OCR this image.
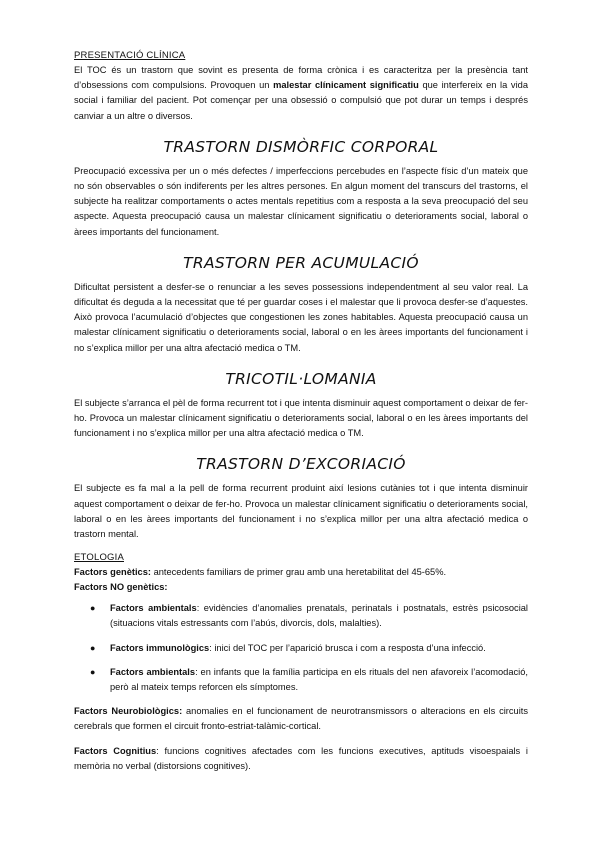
PRESENTACIÓ CLÍNICA

El TOC és un trastorn que sovint es presenta de forma crònica i es caracteritza per la presència tant d’obsessions com compulsions. Provoquen un malestar clínicament significatiu que interfereix en la vida social i familiar del pacient. Pot començar per una obsessió o compulsió que pot durar un temps i després canviar a un altre o diversos.

TRASTORN DISMÒRFIC CORPORAL

Preocupació excessiva per un o més defectes / imperfeccions percebudes en l’aspecte físic d’un mateix que no són observables o són indiferents per les altres persones. En algun moment del transcurs del trastorns, el subjecte ha realitzar comportaments o actes mentals repetitius com a resposta a la seva preocupació del seu aspecte. Aquesta preocupació causa un malestar clínicament significatiu o deterioraments social, laboral o àrees importants del funcionament.

TRASTORN PER ACUMULACIÓ

Dificultat persistent a desfer-se o renunciar a les seves possessions independentment al seu valor real. La dificultat és deguda a la necessitat que té per guardar coses i el malestar que li provoca desfer-se d’aquestes. Això provoca l’acumulació d’objectes que congestionen les zones habitables. Aquesta preocupació causa un malestar clínicament significatiu o deterioraments social, laboral o en les àrees importants del funcionament i no s’explica millor per una altra afectació medica o TM.

TRICOTIL·LOMANIA

El subjecte s’arranca el pèl de forma recurrent tot i que intenta disminuir aquest comportament o deixar de fer-ho. Provoca un malestar clínicament significatiu o deterioraments social, laboral o en les àrees importants del funcionament i no s’explica millor per una altra afectació medica o TM.

TRASTORN D’EXCORIACIÓ

El subjecte es fa mal a la pell de forma recurrent produint així lesions cutànies tot i que intenta disminuir aquest comportament o deixar de fer-ho. Provoca un malestar clínicament significatiu o deterioraments social, laboral o en les àrees importants del funcionament i no s’explica millor per una altra afectació medica o trastorn mental.

ETOLOGIA

Factors genètics: antecedents familiars de primer grau amb una heretabilitat del 45-65%.

Factors NO genètics:

● Factors ambientals: evidències d’anomalies prenatals, perinatals i postnatals, estrès psicosocial (situacions vitals estressants com l’abús, divorcis, dols, malalties).
● Factors immunològics: inici del TOC per l’aparició brusca i com a resposta d’una infecció.
● Factors ambientals: en infants que la família participa en els rituals del nen afavoreix l’acomodació, però al mateix temps reforcen els símptomes.

Factors Neurobiològics: anomalies en el funcionament de neurotransmissors o alteracions en els circuits cerebrals que formen el circuit fronto-estriat-talàmic-cortical.

Factors Cognitius: funcions cognitives afectades com les funcions executives, aptituds visoespaials i memòria no verbal (distorsions cognitives).
